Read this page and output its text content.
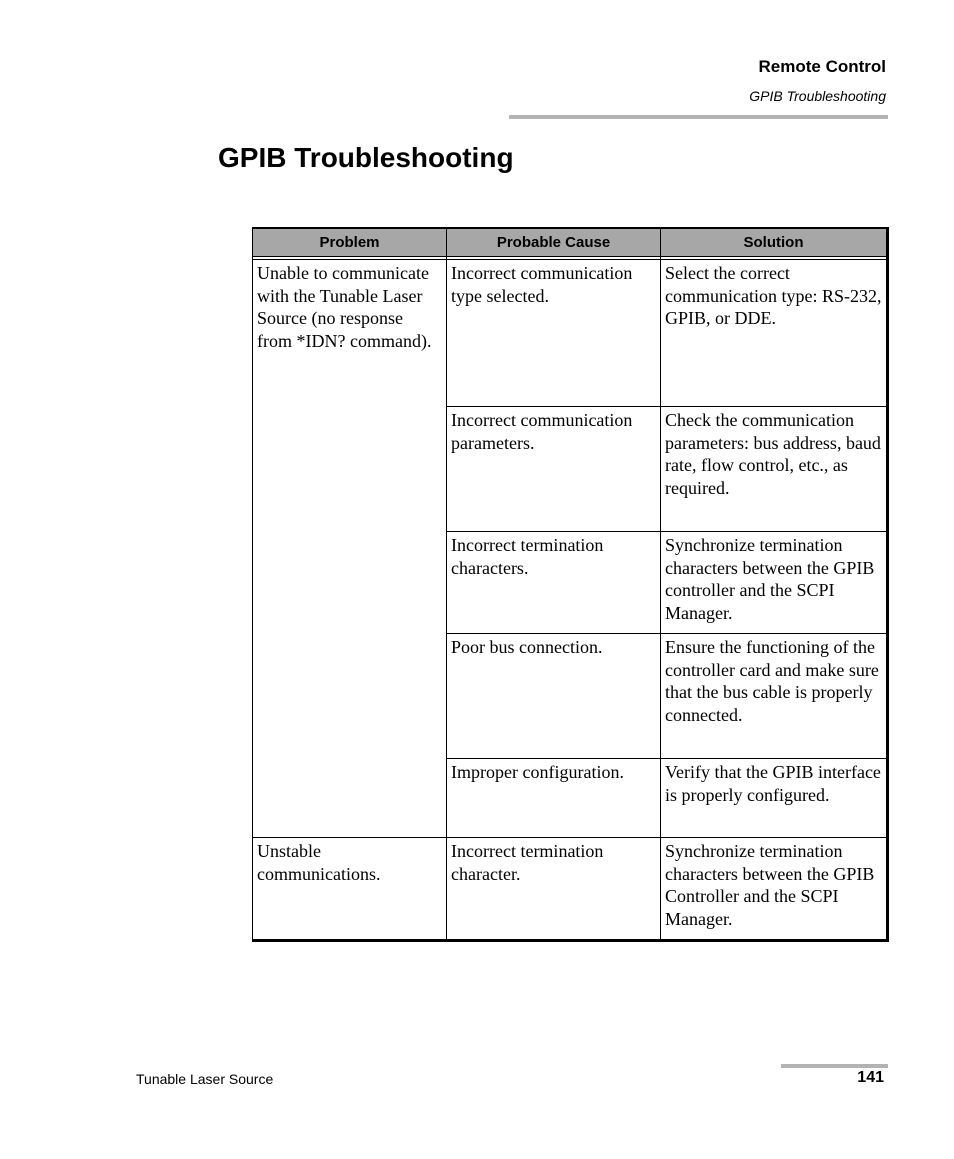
Remote Control
GPIB Troubleshooting
GPIB Troubleshooting
Problem	Probable Cause	Solution

Unable to communicate with the Tunable Laser Source (no response from *IDN? command).	Incorrect communication type selected.	Select the correct communication type: RS-232, GPIB, or DDE.
	Incorrect communication parameters.	Check the communication parameters: bus address, baud rate, flow control, etc., as required.
	Incorrect termination characters.	Synchronize termination characters between the GPIB controller and the SCPI Manager.
	Poor bus connection.	Ensure the functioning of the controller card and make sure that the bus cable is properly connected.
	Improper configuration.	Verify that the GPIB interface is properly configured.
Unstable communications.	Incorrect termination character.	Synchronize termination characters between the GPIB Controller and the SCPI Manager.
Tunable Laser Source	141
